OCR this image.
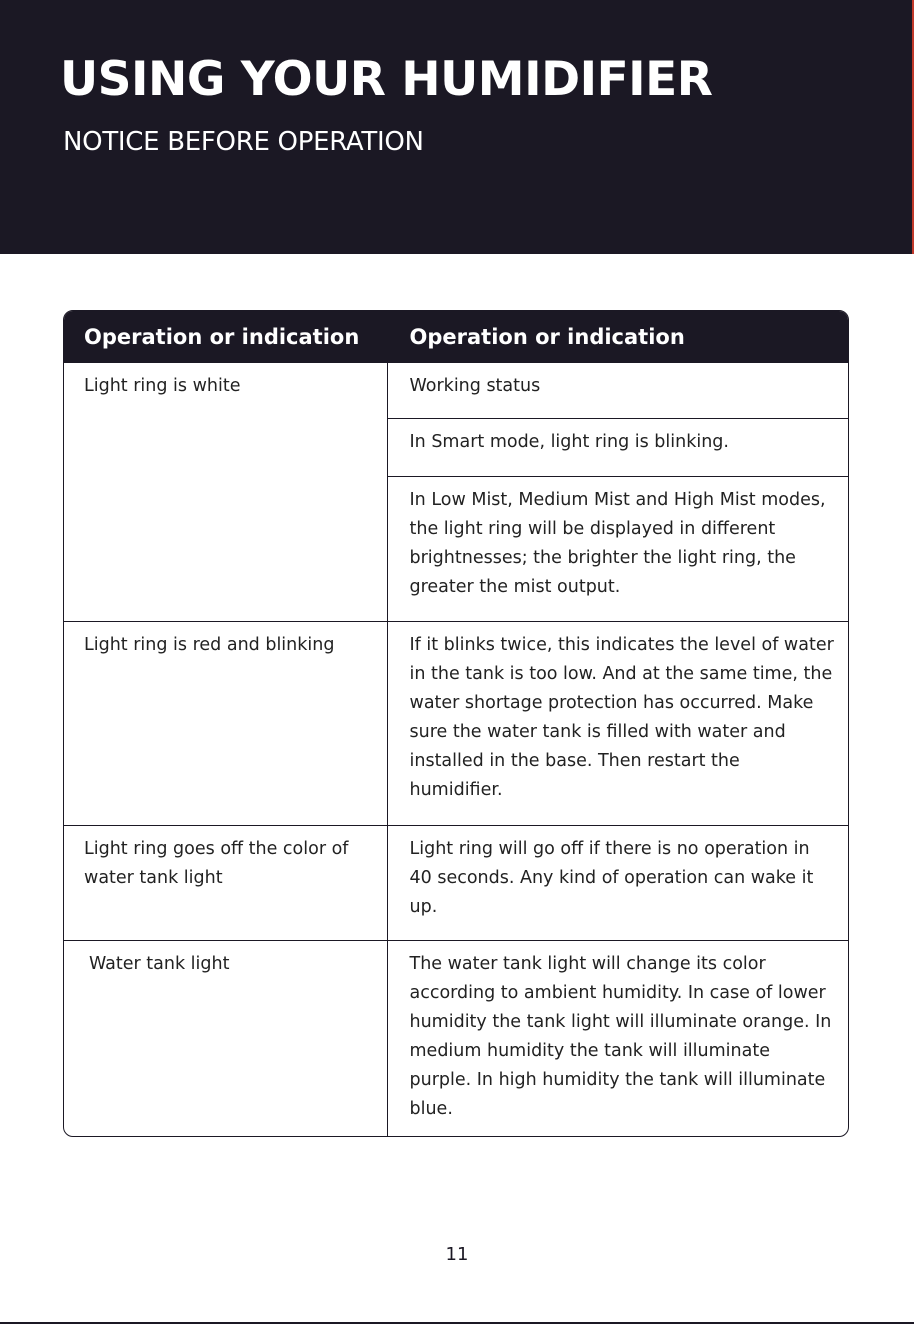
USING YOUR HUMIDIFIER
NOTICE BEFORE OPERATION
Operation or indication	Operation or indication
Light ring is white	Working status
	In Smart mode, light ring is blinking.
	In Low Mist, Medium Mist and High Mist modes, the light ring will be displayed in different brightnesses; the brighter the light ring, the greater the mist output.
Light ring is red and blinking	If it blinks twice, this indicates the level of water in the tank is too low. And at the same time, the water shortage protection has occurred. Make sure the water tank is filled with water and installed in the base. Then restart the humidifier.
Light ring goes off the color of water tank light	Light ring will go off if there is no operation in 40 seconds. Any kind of operation can wake it up.
Water tank light	The water tank light will change its color according to ambient humidity. In case of lower humidity the tank light will illuminate orange. In medium humidity the tank will illuminate purple. In high humidity the tank will illuminate blue.
11
